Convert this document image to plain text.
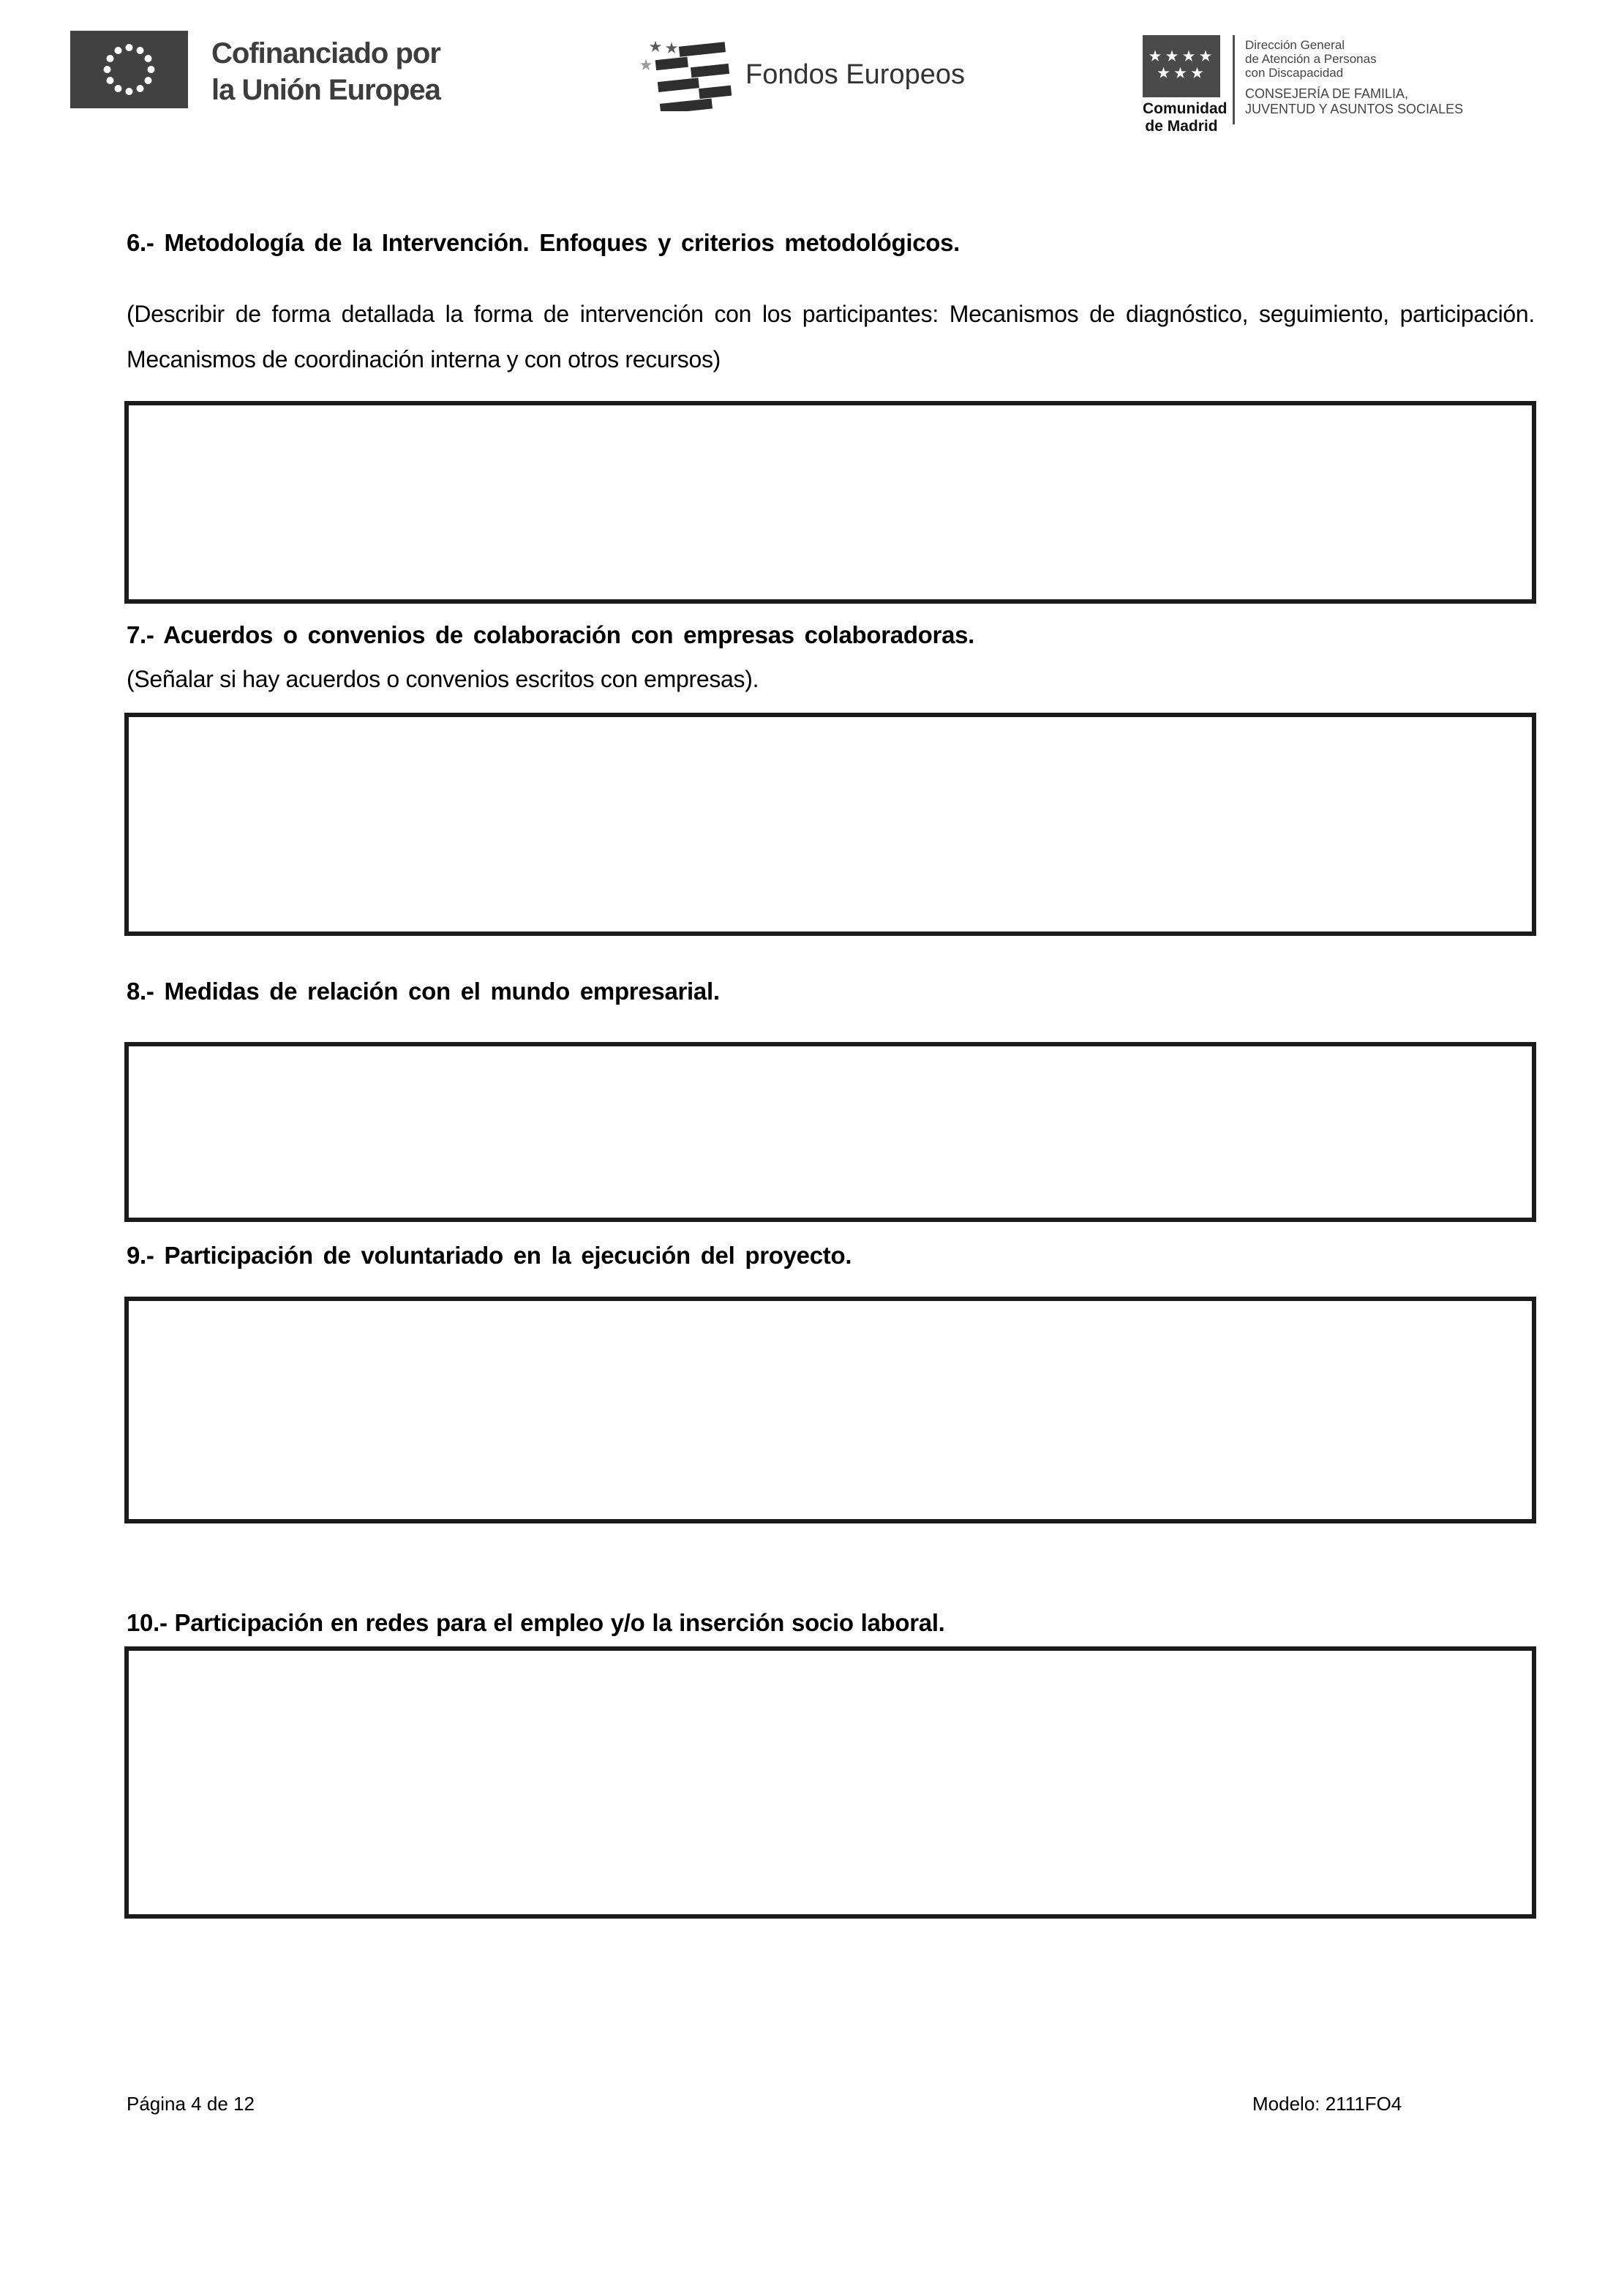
Cofinanciado por
la Unión Europea	Fondos Europeos
Comunidad
de Madrid
Dirección General
de Atención a Personas
con Discapacidad
CONSEJERÍA DE FAMILIA,
JUVENTUD Y ASUNTOS SOCIALES
6.- Metodología de la Intervención. Enfoques y criterios metodológicos.
(Describir de forma detallada la forma de intervención con los participantes: Mecanismos de diagnóstico, seguimiento, participación. Mecanismos de coordinación interna y con otros recursos)
7.- Acuerdos o convenios de colaboración con empresas colaboradoras.
(Señalar si hay acuerdos o convenios escritos con empresas).
8.- Medidas de relación con el mundo empresarial.
9.- Participación de voluntariado en la ejecución del proyecto.
10.- Participación en redes para el empleo y/o la inserción socio laboral.
Página 4 de 12	Modelo: 2111FO4
